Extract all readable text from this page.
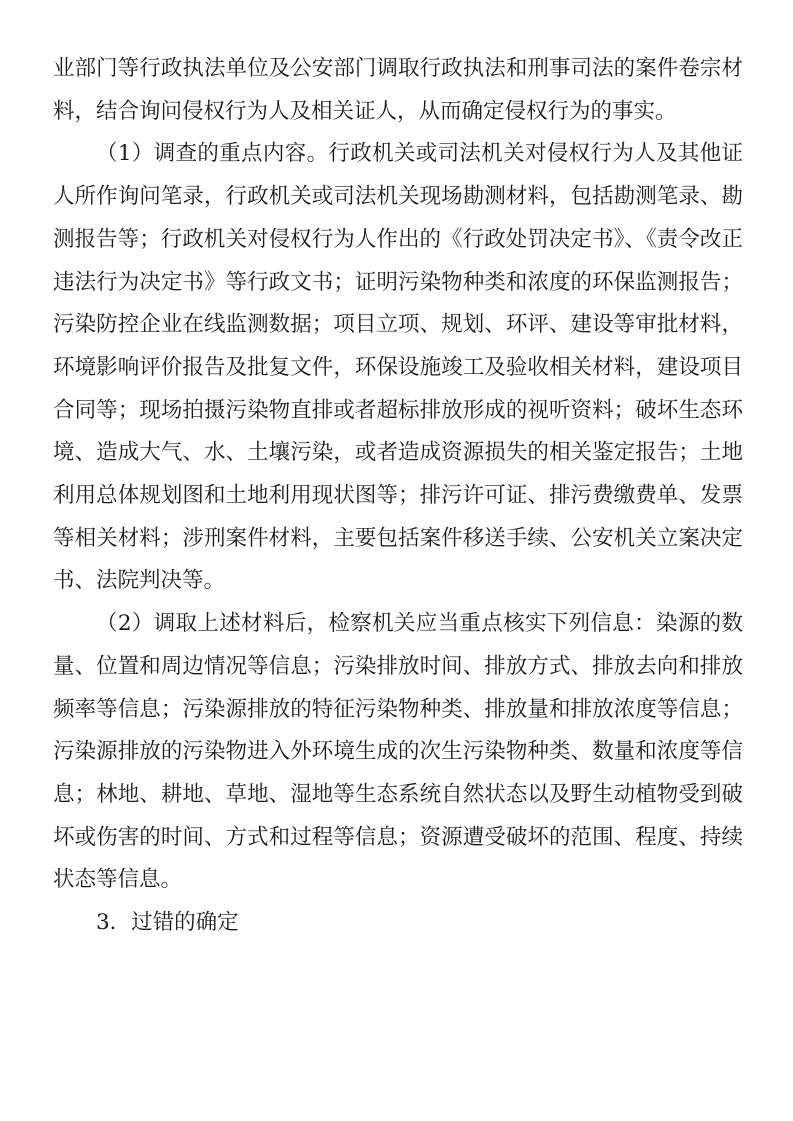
业部门等行政执法单位及公安部门调取行政执法和刑事司法的案件卷宗材料，结合询问侵权行为人及相关证人，从而确定侵权行为的事实。

（1）调查的重点内容。行政机关或司法机关对侵权行为人及其他证人所作询问笔录，行政机关或司法机关现场勘测材料，包括勘测笔录、勘测报告等；行政机关对侵权行为人作出的《行政处罚决定书》、《责令改正违法行为决定书》等行政文书；证明污染物种类和浓度的环保监测报告；污染防控企业在线监测数据；项目立项、规划、环评、建设等审批材料，环境影响评价报告及批复文件，环保设施竣工及验收相关材料，建设项目合同等；现场拍摄污染物直排或者超标排放形成的视听资料；破坏生态环境、造成大气、水、土壤污染，或者造成资源损失的相关鉴定报告；土地利用总体规划图和土地利用现状图等；排污许可证、排污费缴费单、发票等相关材料；涉刑案件材料，主要包括案件移送手续、公安机关立案决定书、法院判决等。

（2）调取上述材料后，检察机关应当重点核实下列信息：染源的数量、位置和周边情况等信息；污染排放时间、排放方式、排放去向和排放频率等信息；污染源排放的特征污染物种类、排放量和排放浓度等信息；污染源排放的污染物进入外环境生成的次生污染物种类、数量和浓度等信息；林地、耕地、草地、湿地等生态系统自然状态以及野生动植物受到破坏或伤害的时间、方式和过程等信息；资源遭受破坏的范围、程度、持续状态等信息。

3．过错的确定
